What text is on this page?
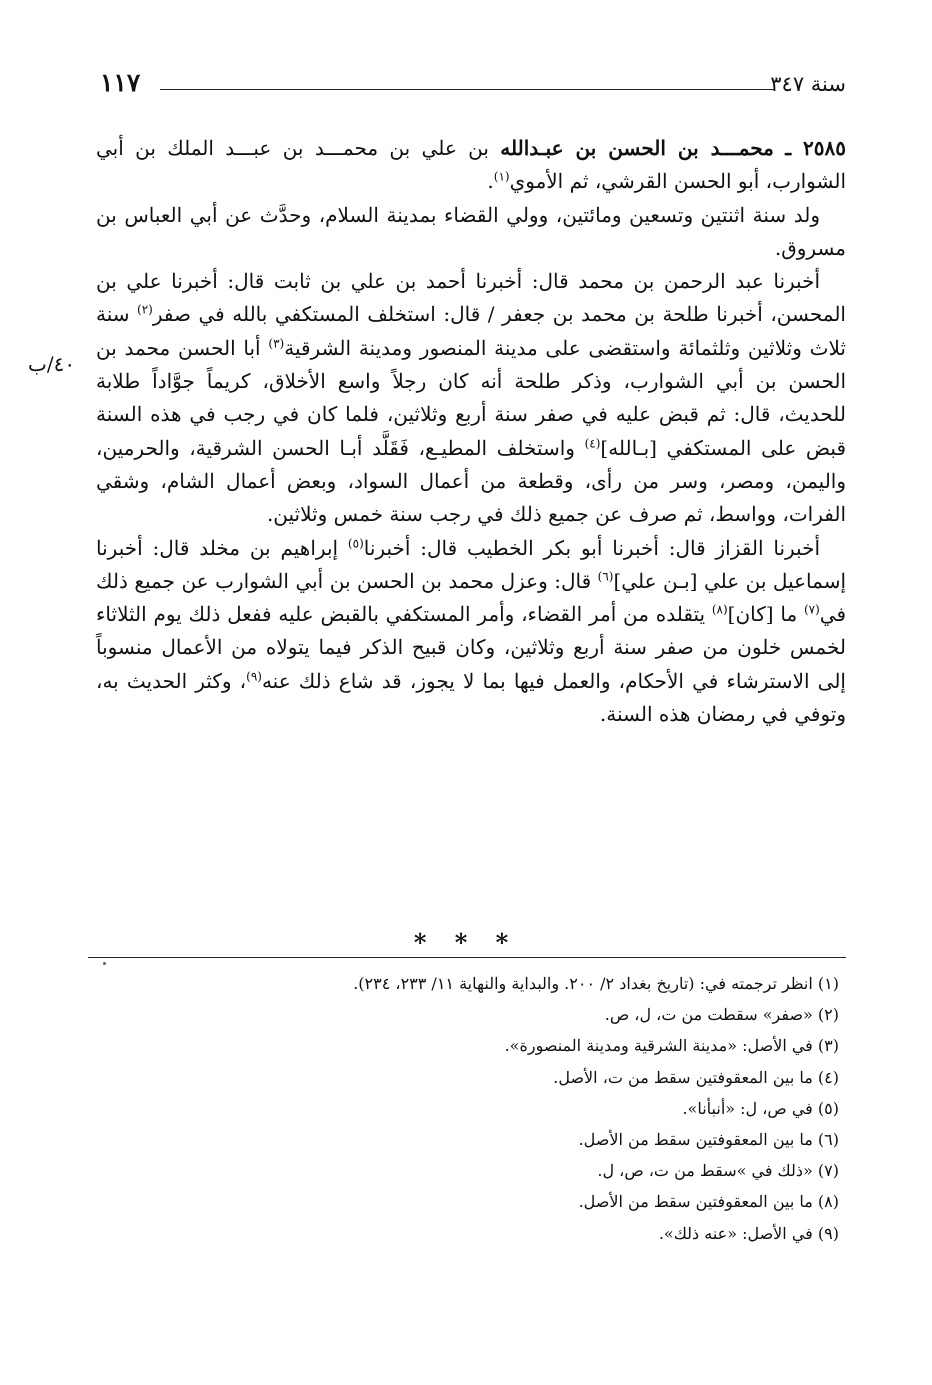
سنة ٣٤٧
١١٧
٤٠/ب

٢٥٨٥ ـ محمـــد بن الحسن بن عبـدالله بن علي بن محمـــد بن عبـــد الملك بن أبي الشوارب، أبو الحسن القرشي، ثم الأموي$^{(١)}$.

ولد سنة اثنتين وتسعين ومائتين، وولي القضاء بمدينة السلام، وحدَّث عن أبي العباس بن مسروق.

أخبرنا عبد الرحمن بن محمد قال: أخبرنا أحمد بن علي بن ثابت قال: أخبرنا علي بن المحسن، أخبرنا طلحة بن محمد بن جعفر / قال: استخلف المستكفي بالله في صفر$^{(٢)}$ سنة ثلاث وثلاثين وثلثمائة واستقضى على مدينة المنصور ومدينة الشرقية$^{(٣)}$ أبا الحسن محمد بن الحسن بن أبي الشوارب، وذكر طلحة أنه كان رجلاً واسع الأخلاق، كريماً جوَّاداً طلابة للحديث، قال: ثم قبض عليه في صفر سنة أربع وثلاثين، فلما كان في رجب في هذه السنة قبض على المستكفي [بـالله]$^{(٤)}$ واستخلف المطيـع، فَقَلَّد أبـا الحسن الشرقية، والحرمين، واليمن، ومصر، وسر من رأى، وقطعة من أعمال السواد، وبعض أعمال الشام، وشقي الفرات، وواسط، ثم صرف عن جميع ذلك في رجب سنة خمس وثلاثين.

أخبرنا القزاز قال: أخبرنا أبو بكر الخطيب قال: أخبرنا$^{(٥)}$ إبراهيم بن مخلد قال: أخبرنا إسماعيل بن علي [بـن علي]$^{(٦)}$ قال: وعزل محمد بن الحسن بن أبي الشوارب عن جميع ذلك في$^{(٧)}$ ما [كان]$^{(٨)}$ يتقلده من أمر القضاء، وأمر المستكفي بالقبض عليه ففعل ذلك يوم الثلاثاء لخمس خلون من صفر سنة أربع وثلاثين، وكان قبيح الذكر فيما يتولاه من الأعمال منسوباً إلى الاسترشاء في الأحكام، والعمل فيها بما لا يجوز، قد شاع ذلك عنه$^{(٩)}$، وكثر الحديث به، وتوفي في رمضان هذه السنة.

* * *

(١) انظر ترجمته في: (تاريخ بغداد ٢/ ٢٠٠. والبداية والنهاية ١١/ ٢٣٣، ٢٣٤).

(٢) «صفر» سقطت من ت، ل، ص.

(٣) في الأصل: «مدينة الشرقية ومدينة المنصورة».

(٤) ما بين المعقوفتين سقط من ت، الأصل.

(٥) في ص، ل: «أنبأنا».

(٦) ما بين المعقوفتين سقط من الأصل.

(٧) «ذلك في »سقط من ت، ص، ل.

(٨) ما بين المعقوفتين سقط من الأصل.

(٩) في الأصل: «عنه ذلك».
